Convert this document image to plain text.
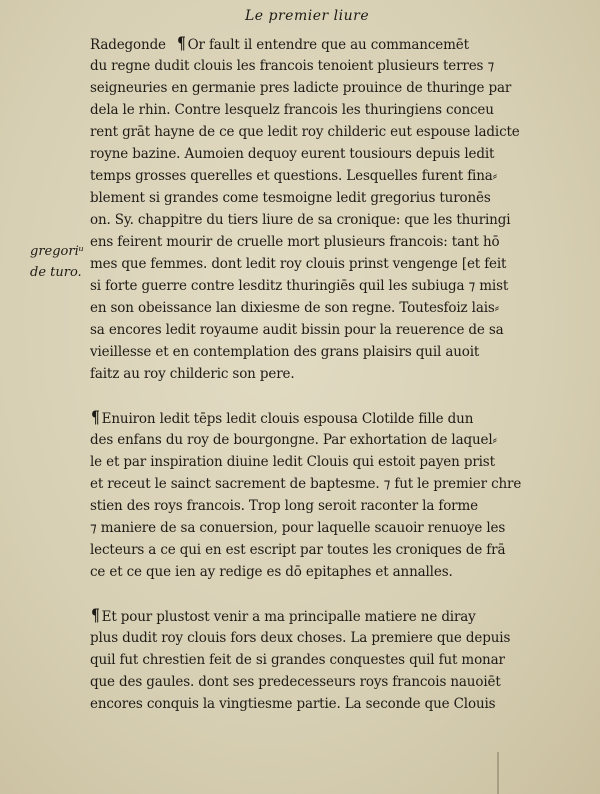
Le premier liure
gregoriᵘ
de turo.
Radegonde ¶ Or fault il entendre que au commancemēt
du regne dudit clouis les francois tenoient plusieurs terres ⁊
seigneuries en germanie pres ladicte prouince de thuringe par
dela le rhin. Contre lesquelz francois les thuringiens conceu
rent grāt hayne de ce que ledit roy childeric eut espouse ladicte
royne bazine. Aumoien dequoy eurent tousiours depuis ledit
temps grosses querelles et questions. Lesquelles furent fina⸗
blement si grandes come tesmoigne ledit gregorius turonēs
on. Sy. chappitre du tiers liure de sa cronique: que les thuringi
ens feirent mourir de cruelle mort plusieurs francois: tant hō
mes que femmes. dont ledit roy clouis prinst vengenge [et feit
si forte guerre contre lesditz thuringiēs quil les subiuga ⁊ mist
en son obeissance lan dixiesme de son regne. Toutesfoiz lais⸗
sa encores ledit royaume audit bissin pour la reuerence de sa
vieillesse et en contemplation des grans plaisirs quil auoit
faitz au roy childeric son pere.
¶ Enuiron ledit tēps ledit clouis espousa Clotilde fille dun
des enfans du roy de bourgongne. Par exhortation de laquel⸗
le et par inspiration diuine ledit Clouis qui estoit payen prist
et receut le sainct sacrement de baptesme. ⁊ fut le premier chre
stien des roys francois. Trop long seroit raconter la forme
⁊ maniere de sa conuersion, pour laquelle scauoir renuoye les
lecteurs a ce qui en est escript par toutes les croniques de frā
ce et ce que ien ay redige es dō epitaphes et annalles.
¶ Et pour plustost venir a ma principalle matiere ne diray
plus dudit roy clouis fors deux choses. La premiere que depuis
quil fut chrestien feit de si grandes conquestes quil fut monar
que des gaules. dont ses predecesseurs roys francois nauoiēt
encores conquis la vingtiesme partie. La seconde que Clouis
